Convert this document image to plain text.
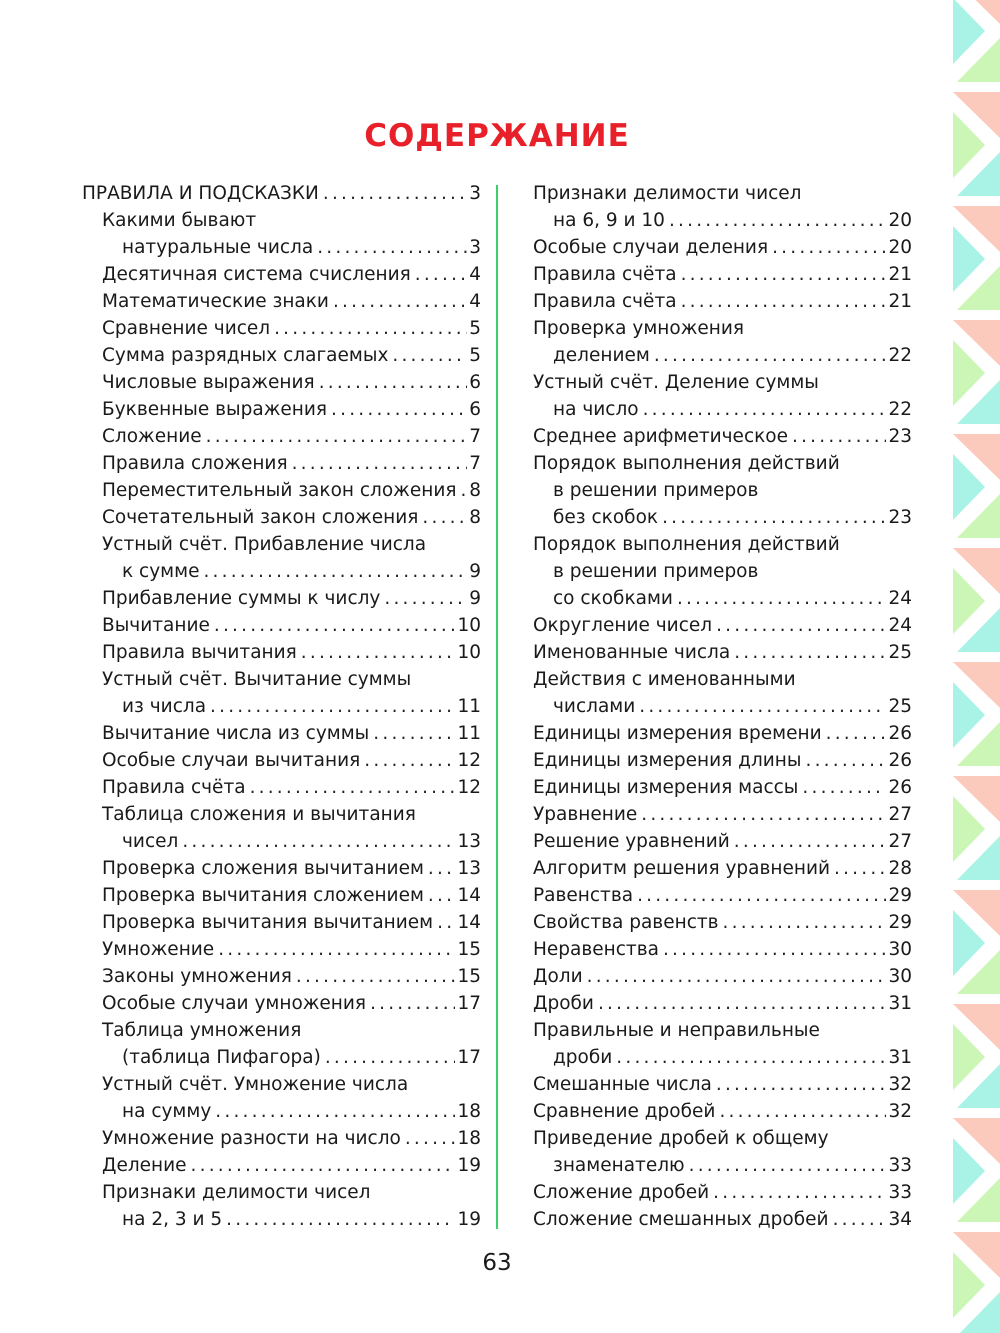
СОДЕРЖАНИЕ
ПРАВИЛА И ПОДСКАЗКИ .....	3
Какими бывают
натуральные числа .....	3
Десятичная система счисления .....	4
Математические знаки .....	4
Сравнение чисел .....	5
Сумма разрядных слагаемых .....	5
Числовые выражения .....	6
Буквенные выражения .....	6
Сложение .....	7
Правила сложения .....	7
Переместительный закон сложения ..... 8
Сочетательный закон сложения .....	8
Устный счёт. Прибавление числа
к сумме .....	9
Прибавление суммы к числу .....	9
Вычитание .....	10
Правила вычитания .....	10
Устный счёт. Вычитание суммы
из числа .....	11
Вычитание числа из суммы .....	11
Особые случаи вычитания .....	12
Правила счёта .....	12
Таблица сложения и вычитания
чисел .....	13
Проверка сложения вычитанием ..... 13
Проверка вычитания сложением ..... 14
Проверка вычитания вычитанием ..... 14
Умножение .....	15
Законы умножения .....	15
Особые случаи умножения .....	17
Таблица умножения
(таблица Пифагора) .....	17
Устный счёт. Умножение числа
на сумму .....	18
Умножение разности на число .....	18
Деление .....	19
Признаки делимости чисел
на 2, 3 и 5 .....	19
Признаки делимости чисел
на 6, 9 и 10 .....	20
Особые случаи деления .....	20
Правила счёта .....	21
Правила счёта .....	21
Проверка умножения
делением .....	22
Устный счёт. Деление суммы
на число .....	22
Среднее арифметическое .....	23
Порядок выполнения действий
в решении примеров
без скобок .....	23
Порядок выполнения действий
в решении примеров
со скобками .....	24
Округление чисел .....	24
Именованные числа .....	25
Действия с именованными
числами .....	25
Единицы измерения времени .....	26
Единицы измерения длины .....	26
Единицы измерения массы .....	26
Уравнение .....	27
Решение уравнений .....	27
Алгоритм решения уравнений .....	28
Равенства .....	29
Свойства равенств .....	29
Неравенства .....	30
Доли .....	30
Дроби .....	31
Правильные и неправильные
дроби .....	31
Смешанные числа .....	32
Сравнение дробей .....	32
Приведение дробей к общему
знаменателю .....	33
Сложение дробей .....	33
Сложение смешанных дробей .....	34
63
